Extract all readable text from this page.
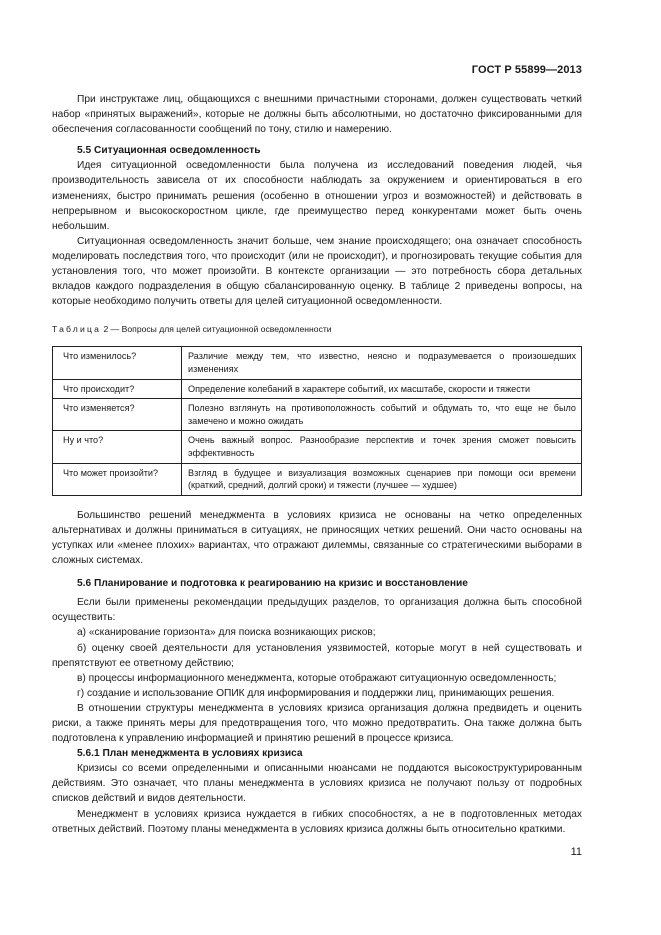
ГОСТ Р 55899—2013

При инструктаже лиц, общающихся с внешними причастными сторонами, должен существовать четкий набор «принятых выражений», которые не должны быть абсолютными, но достаточно фиксированными для обеспечения согласованности сообщений по тону, стилю и намерению.

5.5 Ситуационная осведомленность

Идея ситуационной осведомленности была получена из исследований поведения людей, чья производительность зависела от их способности наблюдать за окружением и ориентироваться в его изменениях, быстро принимать решения (особенно в отношении угроз и возможностей) и действовать в непрерывном и высокоскоростном цикле, где преимущество перед конкурентами может быть очень небольшим.

Ситуационная осведомленность значит больше, чем знание происходящего; она означает способность моделировать последствия того, что происходит (или не происходит), и прогнозировать текущие события для установления того, что может произойти. В контексте организации — это потребность сбора детальных вкладов каждого подразделения в общую сбалансированную оценку. В таблице 2 приведены вопросы, на которые необходимо получить ответы для целей ситуационной осведомленности.

Таблица 2 — Вопросы для целей ситуационной осведомленности
Что изменилось?	Различие между тем, что известно, неясно и подразумевается о произошедших изменениях
Что происходит?	Определение колебаний в характере событий, их масштабе, скорости и тяжести
Что изменяется?	Полезно взглянуть на противоположность событий и обдумать то, что еще не было замечено и можно ожидать
Ну и что?	Очень важный вопрос. Разнообразие перспектив и точек зрения сможет повысить эффективность
Что может произойти?	Взгляд в будущее и визуализация возможных сценариев при помощи оси времени (краткий, средний, долгий сроки) и тяжести (лучшее — худшее)

Большинство решений менеджмента в условиях кризиса не основаны на четко определенных альтернативах и должны приниматься в ситуациях, не приносящих четких решений. Они часто основаны на уступках или «менее плохих» вариантах, что отражают дилеммы, связанные со стратегическими выборами в сложных системах.

5.6 Планирование и подготовка к реагированию на кризис и восстановление

Если были применены рекомендации предыдущих разделов, то организация должна быть способной осуществить:

а) «сканирование горизонта» для поиска возникающих рисков;

б) оценку своей деятельности для установления уязвимостей, которые могут в ней существовать и препятствуют ее ответному действию;

в) процессы информационного менеджмента, которые отображают ситуационную осведомленность;

г) создание и использование ОПИК для информирования и поддержки лиц, принимающих решения.

В отношении структуры менеджмента в условиях кризиса организация должна предвидеть и оценить риски, а также принять меры для предотвращения того, что можно предотвратить. Она также должна быть подготовлена к управлению информацией и принятию решений в процессе кризиса.

5.6.1 План менеджмента в условиях кризиса

Кризисы со всеми определенными и описанными нюансами не поддаются высокоструктурированным действиям. Это означает, что планы менеджмента в условиях кризиса не получают пользу от подробных списков действий и видов деятельности.

Менеджмент в условиях кризиса нуждается в гибких способностях, а не в подготовленных методах ответных действий. Поэтому планы менеджмента в условиях кризиса должны быть относительно краткими.

11
